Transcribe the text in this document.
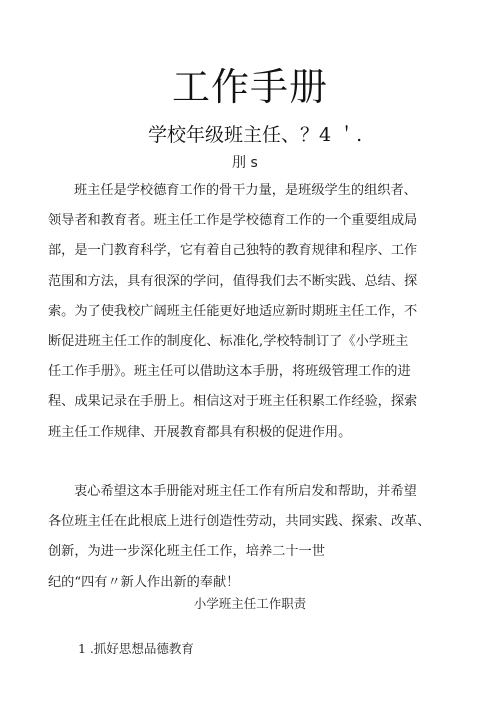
工作手册
学校年级班主任、？4 ＇.
刖 s
班主任是学校德育工作的骨干力量，是班级学生的组织者、
领导者和教育者。班主任工作是学校德育工作的一个重要组成局
部，是一门教育科学，它有着自己独特的教育规律和程序、工作
范围和方法，具有很深的学问，值得我们去不断实践、总结、探
索。为了使我校广阔班主任能更好地适应新时期班主任工作，不
断促进班主任工作的制度化、标准化,学校特制订了《小学班主
任工作手册》。班主任可以借助这本手册，将班级管理工作的进
程、成果记录在手册上。相信这对于班主任积累工作经验，探索
班主任工作规律、开展教育都具有积极的促进作用。
衷心希望这本手册能对班主任工作有所启发和帮助，并希望
各位班主任在此根底上进行创造性劳动，共同实践、探索、改革、
创新，为进一步深化班主任工作，培养二十一世
纪的“四有〃新人作出新的奉献！
小学班主任工作职责
1 .抓好思想品德教育
